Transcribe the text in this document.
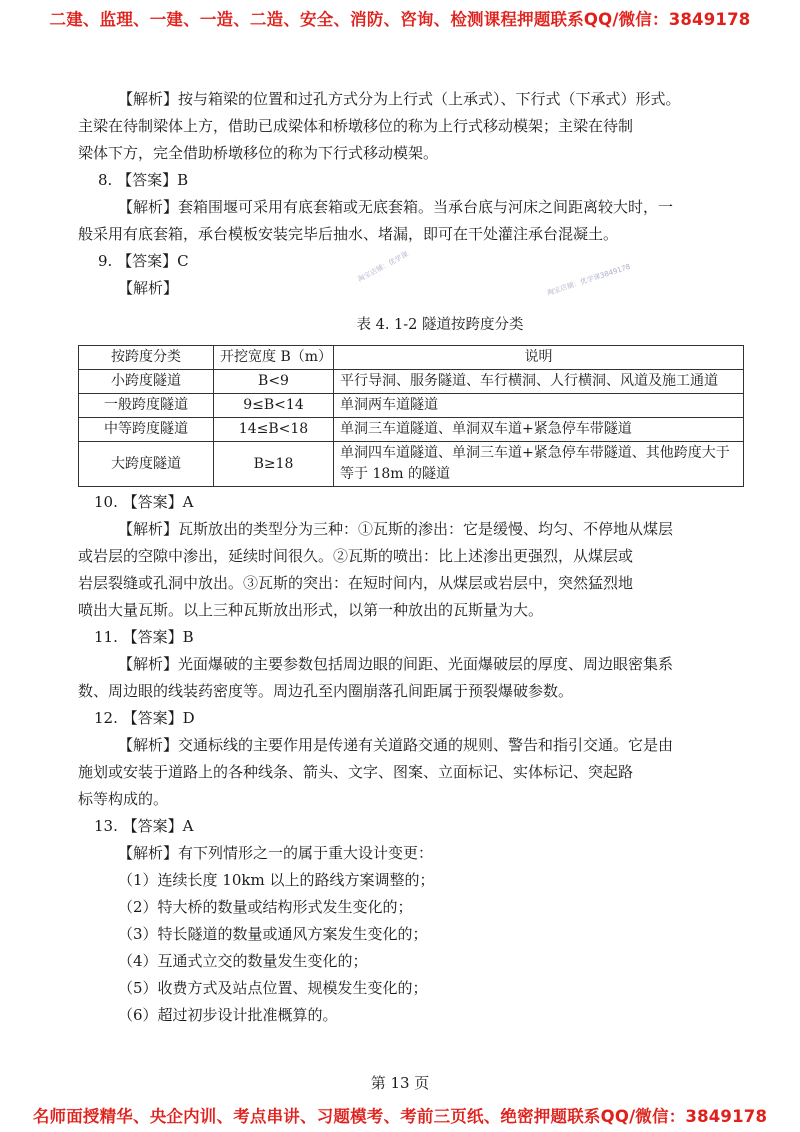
二建、监理、一建、一造、二造、安全、消防、咨询、检测课程押题联系QQ/微信：3849178
淘宝店铺：优学课	淘宝店铺：优学课3849178

【解析】按与箱梁的位置和过孔方式分为上行式（上承式）、下行式（下承式）形式。

主梁在待制梁体上方，借助已成梁体和桥墩移位的称为上行式移动模架；主梁在待制

梁体下方，完全借助桥墩移位的称为下行式移动模架。

8. 【答案】B

【解析】套箱围堰可采用有底套箱或无底套箱。当承台底与河床之间距离较大时，一

般采用有底套箱，承台模板安装完毕后抽水、堵漏，即可在干处灌注承台混凝土。

9. 【答案】C

【解析】

表 4. 1-2 隧道按跨度分类
按跨度分类	开挖宽度 B（m）	说明
小跨度隧道	B<9	平行导洞、服务隧道、车行横洞、人行横洞、风道及施工通道
一般跨度隧道	9≤B<14	单洞两车道隧道
中等跨度隧道	14≤B<18	单洞三车道隧道、单洞双车道+紧急停车带隧道
大跨度隧道	B≥18	单洞四车道隧道、单洞三车道+紧急停车带隧道、其他跨度大于等于 18m 的隧道

10. 【答案】A

【解析】瓦斯放出的类型分为三种：①瓦斯的渗出：它是缓慢、均匀、不停地从煤层

或岩层的空隙中渗出，延续时间很久。②瓦斯的喷出：比上述渗出更强烈，从煤层或

岩层裂缝或孔洞中放出。③瓦斯的突出：在短时间内，从煤层或岩层中，突然猛烈地

喷出大量瓦斯。以上三种瓦斯放出形式，以第一种放出的瓦斯量为大。

11. 【答案】B

【解析】光面爆破的主要参数包括周边眼的间距、光面爆破层的厚度、周边眼密集系

数、周边眼的线装药密度等。周边孔至内圈崩落孔间距属于预裂爆破参数。

12. 【答案】D

【解析】交通标线的主要作用是传递有关道路交通的规则、警告和指引交通。它是由

施划或安装于道路上的各种线条、箭头、文字、图案、立面标记、实体标记、突起路

标等构成的。

13. 【答案】A

【解析】有下列情形之一的属于重大设计变更：

（1）连续长度 10km 以上的路线方案调整的；

（2）特大桥的数量或结构形式发生变化的；

（3）特长隧道的数量或通风方案发生变化的；

（4）互通式立交的数量发生变化的；

（5）收费方式及站点位置、规模发生变化的；

（6）超过初步设计批准概算的。

第 13 页
名师面授精华、央企内训、考点串讲、习题模考、考前三页纸、绝密押题联系QQ/微信：3849178
